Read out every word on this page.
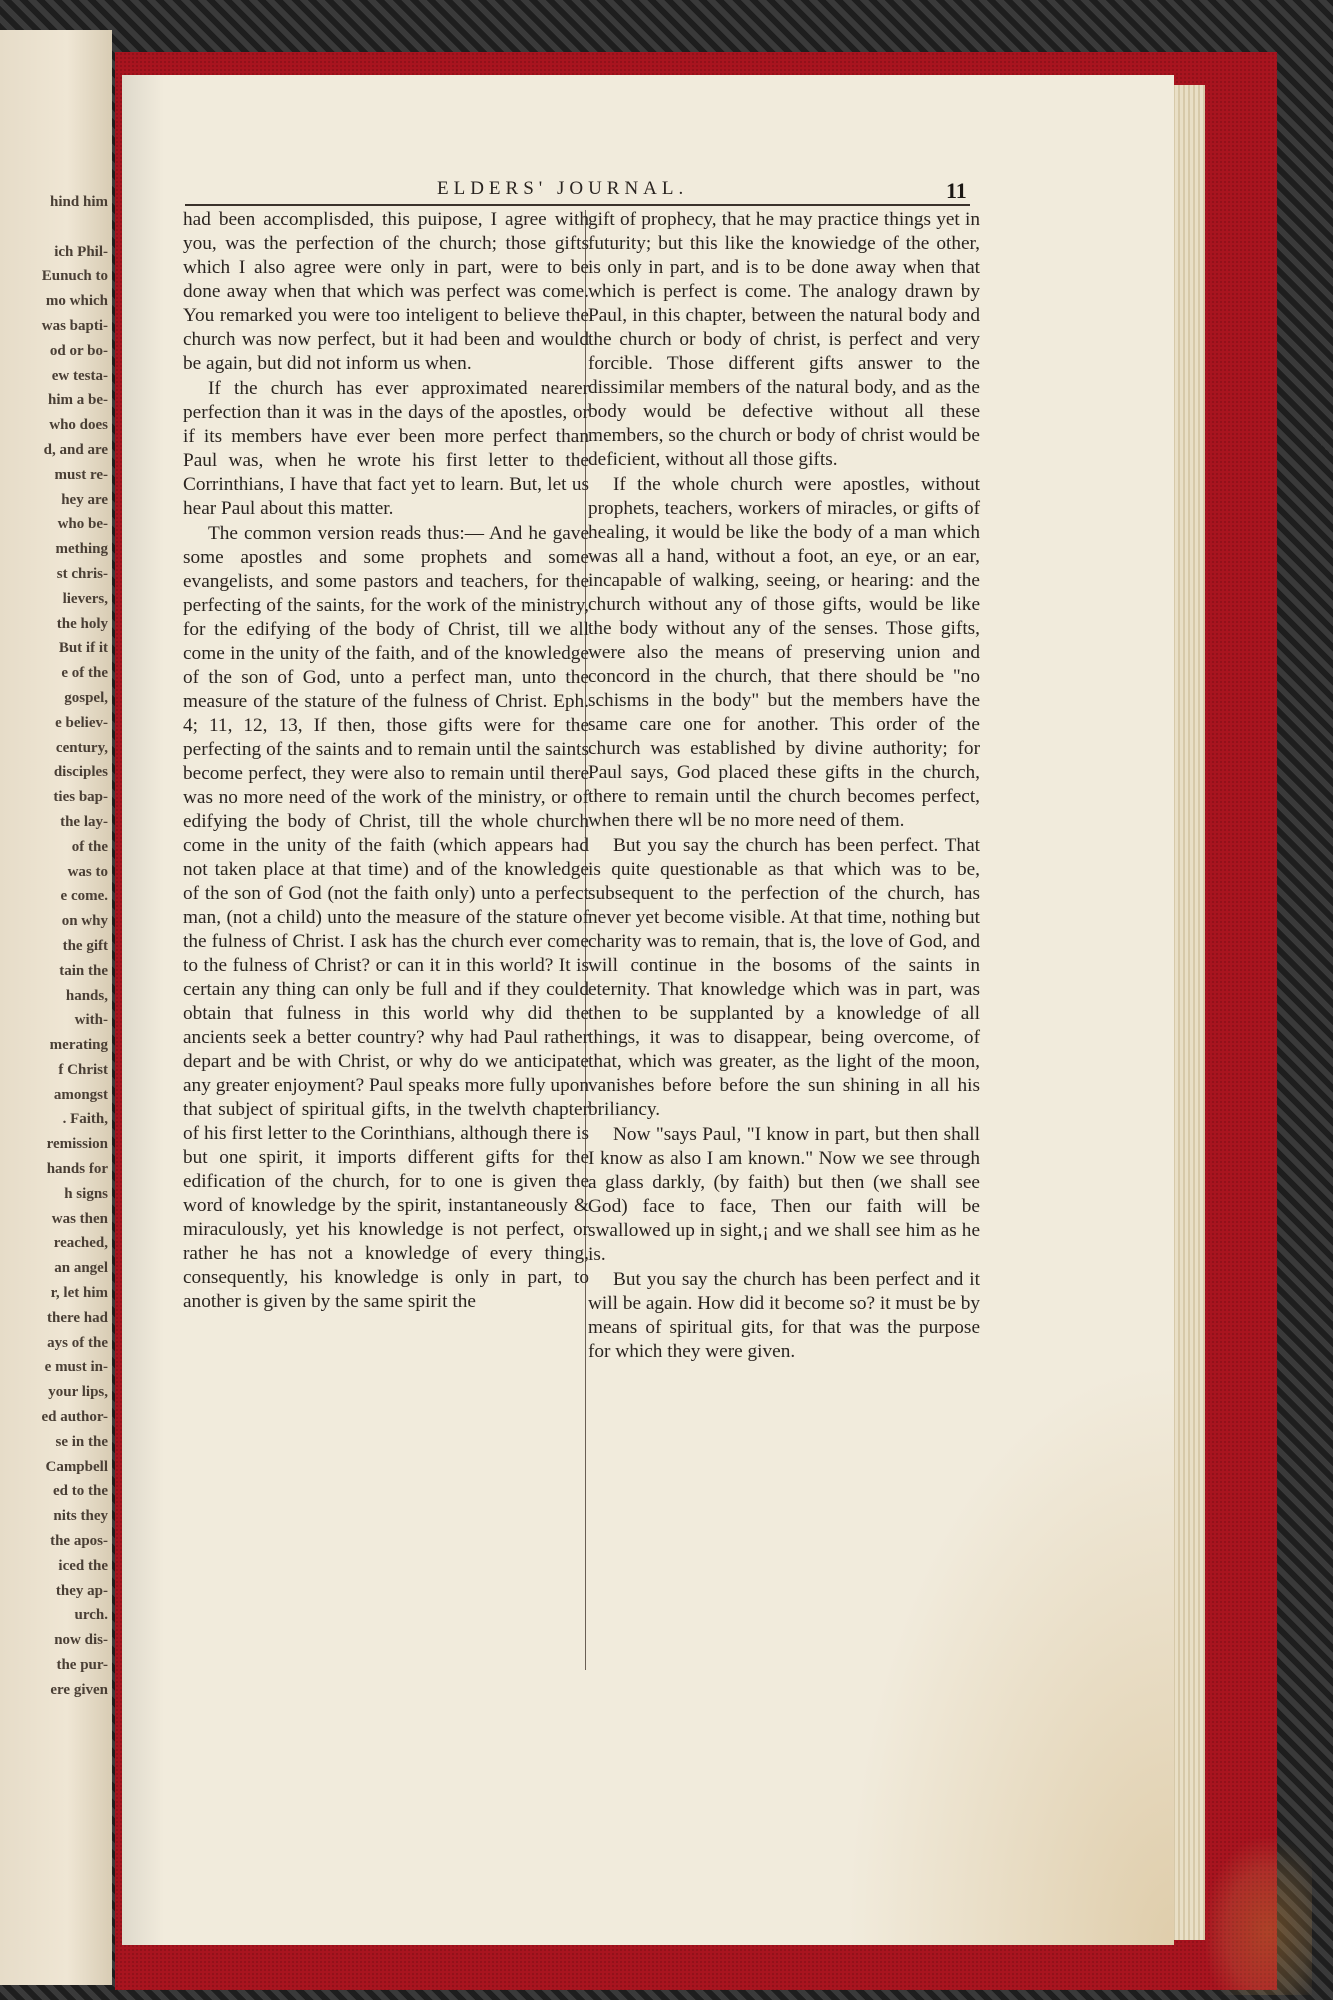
hind him

ich Phil-
Eunuch to
mo which
was bapti-
od or bo-
ew testa-
him a be-
who does
d, and are
must re-
hey are
who be-
mething
st chris-
lievers,
the holy
But if it
e of the
gospel,
e believ-
century,
disciples
ties bap-
the lay-
of the
was to
e come.
on why
the gift
tain the
hands,
with-
merating
f Christ
amongst
. Faith,
remission
hands for
h signs
was then
reached,
an angel
r, let him
there had
ays of the
e must in-
your lips,
ed author-
se in the
Campbell
ed to the
nits they
the apos-
iced the
they ap-
urch.
now dis-
the pur-
ere given
ELDERS' JOURNAL.	11

had been accomplisded, this puipose, I agree with you, was the perfection of the church; those gifts which I also agree were only in part, were to be done away when that which was perfect was come. You remarked you were too inteligent to believe the church was now perfect, but it had been and would be again, but did not inform us when.

If the church has ever approximated nearer perfection than it was in the days of the apostles, or if its members have ever been more perfect than Paul was, when he wrote his first letter to the Corrinthians, I have that fact yet to learn. But, let us hear Paul about this matter.

The common version reads thus:— And he gave some apostles and some prophets and some evangelists, and some pastors and teachers, for the perfecting of the saints, for the work of the ministry, for the edifying of the body of Christ, till we all come in the unity of the faith, and of the knowledge of the son of God, unto a perfect man, unto the measure of the stature of the fulness of Christ. Eph. 4; 11, 12, 13, If then, those gifts were for the perfecting of the saints and to remain until the saints become perfect, they were also to remain until there was no more need of the work of the ministry, or of edifying the body of Christ, till the whole church come in the unity of the faith (which appears had not taken place at that time) and of the knowledge of the son of God (not the faith only) unto a perfect man, (not a child) unto the measure of the stature of the fulness of Christ. I ask has the church ever come to the fulness of Christ? or can it in this world? It is certain any thing can only be full and if they could obtain that fulness in this world why did the ancients seek a better country? why had Paul rather depart and be with Christ, or why do we anticipate any greater enjoyment? Paul speaks more fully upon that subject of spiritual gifts, in the twelvth chapter of his first letter to the Corinthians, although there is but one spirit, it imports different gifts for the edification of the church, for to one is given the word of knowledge by the spirit, instantaneously & miraculously, yet his knowledge is not perfect, or rather he has not a knowledge of every thing, consequently, his knowledge is only in part, to another is given by the same spirit the

gift of prophecy, that he may practice things yet in futurity; but this like the knowiedge of the other, is only in part, and is to be done away when that which is perfect is come. The analogy drawn by Paul, in this chapter, between the natural body and the church or body of christ, is perfect and very forcible. Those different gifts answer to the dissimilar members of the natural body, and as the body would be defective without all these members, so the church or body of christ would be deficient, without all those gifts.

If the whole church were apostles, without prophets, teachers, workers of miracles, or gifts of healing, it would be like the body of a man which was all a hand, without a foot, an eye, or an ear, incapable of walking, seeing, or hearing: and the church without any of those gifts, would be like the body without any of the senses. Those gifts, were also the means of preserving union and concord in the church, that there should be "no schisms in the body" but the members have the same care one for another. This order of the church was established by divine authority; for Paul says, God placed these gifts in the church, there to remain until the church becomes perfect, when there wll be no more need of them.

But you say the church has been perfect. That is quite questionable as that which was to be, subsequent to the perfection of the church, has never yet become visible. At that time, nothing but charity was to remain, that is, the love of God, and will continue in the bosoms of the saints in eternity. That knowledge which was in part, was then to be supplanted by a knowledge of all things, it was to disappear, being overcome, of that, which was greater, as the light of the moon, vanishes before before the sun shining in all his briliancy.

Now "says Paul, "I know in part, but then shall I know as also I am known." Now we see through a glass darkly, (by faith) but then (we shall see God) face to face, Then our faith will be swallowed up in sight,¡ and we shall see him as he is.

But you say the church has been perfect and it will be again. How did it become so? it must be by means of spiritual gits, for that was the purpose for which they were given.
